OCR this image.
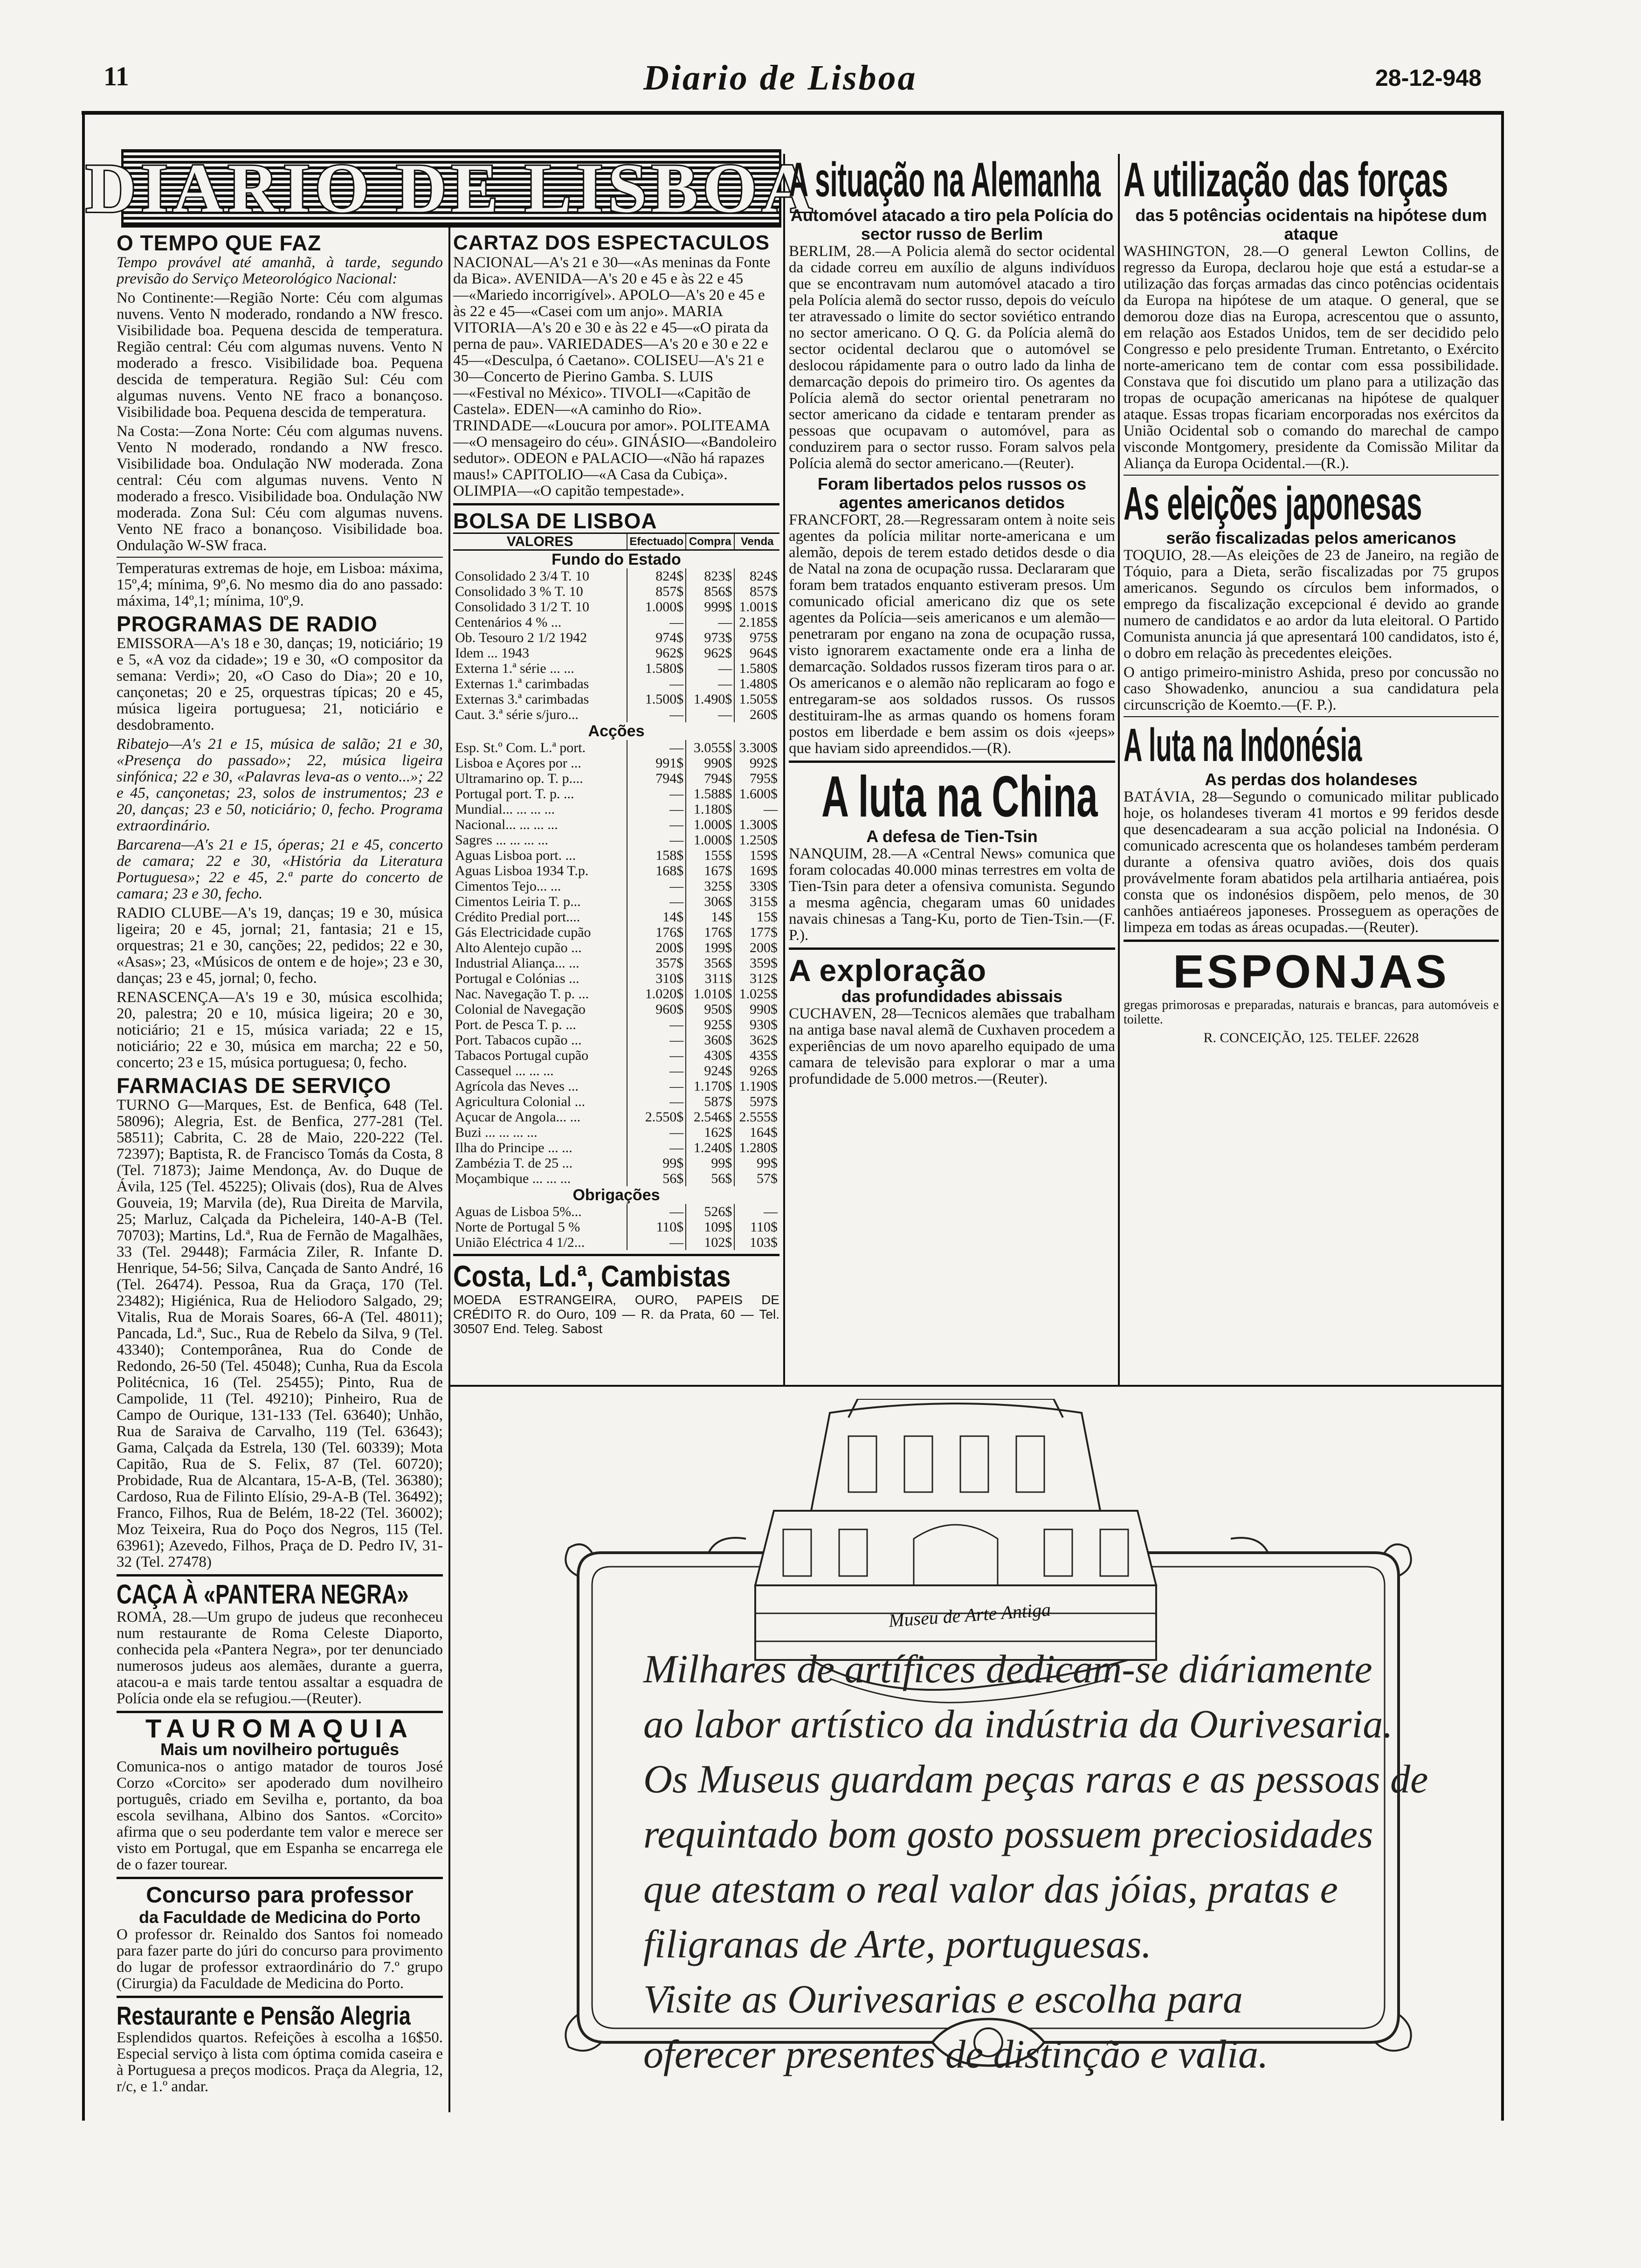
11	Diario de Lisboa	28-12-948
DIARIO DE LISBOA
O TEMPO QUE FAZ
Tempo provável até amanhã, à tarde, segundo previsão do Serviço Meteorológico Nacional:
No Continente:—Região Norte: Céu com algumas nuvens. Vento N moderado, rondando a NW fresco. Visibilidade boa. Pequena descida de temperatura. Região central: Céu com algumas nuvens. Vento N moderado a fresco. Visibilidade boa. Pequena descida de temperatura. Região Sul: Céu com algumas nuvens. Vento NE fraco a bonançoso. Visibilidade boa. Pequena descida de temperatura.
Na Costa:—Zona Norte: Céu com algumas nuvens. Vento N moderado, rondando a NW fresco. Visibilidade boa. Ondulação NW moderada. Zona central: Céu com algumas nuvens. Vento N moderado a fresco. Visibilidade boa. Ondulação NW moderada. Zona Sul: Céu com algumas nuvens. Vento NE fraco a bonançoso. Visibilidade boa. Ondulação W-SW fraca.
Temperaturas extremas de hoje, em Lisboa: máxima, 15º,4; mínima, 9º,6. No mesmo dia do ano passado: máxima, 14º,1; mínima, 10º,9.
PROGRAMAS DE RADIO
EMISSORA—A's 18 e 30, danças; 19, noticiário; 19 e 5, «A voz da cidade»; 19 e 30, «O compositor da semana: Verdi»; 20, «O Caso do Dia»; 20 e 10, cançonetas; 20 e 25, orquestras típicas; 20 e 45, música ligeira portuguesa; 21, noticiário e desdobramento.
Ribatejo—A's 21 e 15, música de salão; 21 e 30, «Presença do passado»; 22, música ligeira sinfónica; 22 e 30, «Palavras leva-as o vento...»; 22 e 45, cançonetas; 23, solos de instrumentos; 23 e 20, danças; 23 e 50, noticiário; 0, fecho. Programa extraordinário.
Barcarena—A's 21 e 15, óperas; 21 e 45, concerto de camara; 22 e 30, «História da Literatura Portuguesa»; 22 e 45, 2.ª parte do concerto de camara; 23 e 30, fecho.
RADIO CLUBE—A's 19, danças; 19 e 30, música ligeira; 20 e 45, jornal; 21, fantasia; 21 e 15, orquestras; 21 e 30, canções; 22, pedidos; 22 e 30, «Asas»; 23, «Músicos de ontem e de hoje»; 23 e 30, danças; 23 e 45, jornal; 0, fecho.
RENASCENÇA—A's 19 e 30, música escolhida; 20, palestra; 20 e 10, música ligeira; 20 e 30, noticiário; 21 e 15, música variada; 22 e 15, noticiário; 22 e 30, música em marcha; 22 e 50, concerto; 23 e 15, música portuguesa; 0, fecho.
FARMACIAS DE SERVIÇO
TURNO G—Marques, Est. de Benfica, 648 (Tel. 58096); Alegria, Est. de Benfica, 277-281 (Tel. 58511); Cabrita, C. 28 de Maio, 220-222 (Tel. 72397); Baptista, R. de Francisco Tomás da Costa, 8 (Tel. 71873); Jaime Mendonça, Av. do Duque de Ávila, 125 (Tel. 45225); Olivais (dos), Rua de Alves Gouveia, 19; Marvila (de), Rua Direita de Marvila, 25; Marluz, Calçada da Picheleira, 140-A-B (Tel. 70703); Martins, Ld.ª, Rua de Fernão de Magalhães, 33 (Tel. 29448); Farmácia Ziler, R. Infante D. Henrique, 54-56; Silva, Cançada de Santo André, 16 (Tel. 26474). Pessoa, Rua da Graça, 170 (Tel. 23482); Higiénica, Rua de Heliodoro Salgado, 29; Vitalis, Rua de Morais Soares, 66-A (Tel. 48011); Pancada, Ld.ª, Suc., Rua de Rebelo da Silva, 9 (Tel. 43340); Contemporânea, Rua do Conde de Redondo, 26-50 (Tel. 45048); Cunha, Rua da Escola Politécnica, 16 (Tel. 25455); Pinto, Rua de Campolide, 11 (Tel. 49210); Pinheiro, Rua de Campo de Ourique, 131-133 (Tel. 63640); Unhão, Rua de Saraiva de Carvalho, 119 (Tel. 63643); Gama, Calçada da Estrela, 130 (Tel. 60339); Mota Capitão, Rua de S. Felix, 87 (Tel. 60720); Probidade, Rua de Alcantara, 15-A-B, (Tel. 36380); Cardoso, Rua de Filinto Elísio, 29-A-B (Tel. 36492); Franco, Filhos, Rua de Belém, 18-22 (Tel. 36002); Moz Teixeira, Rua do Poço dos Negros, 115 (Tel. 63961); Azevedo, Filhos, Praça de D. Pedro IV, 31-32 (Tel. 27478)
CAÇA À «PANTERA NEGRA»
ROMA, 28.—Um grupo de judeus que reconheceu num restaurante de Roma Celeste Diaporto, conhecida pela «Pantera Negra», por ter denunciado numerosos judeus aos alemães, durante a guerra, atacou-a e mais tarde tentou assaltar a esquadra de Polícia onde ela se refugiou.—(Reuter).
TAUROMAQUIA
Mais um novilheiro português
Comunica-nos o antigo matador de touros José Corzo «Corcito» ser apoderado dum novilheiro português, criado em Sevilha e, portanto, da boa escola sevilhana, Albino dos Santos. «Corcito» afirma que o seu poderdante tem valor e merece ser visto em Portugal, que em Espanha se encarrega ele de o fazer tourear.
Concurso para professor
da Faculdade de Medicina do Porto
O professor dr. Reinaldo dos Santos foi nomeado para fazer parte do júri do concurso para provimento do lugar de professor extraordinário do 7.º grupo (Cirurgia) da Faculdade de Medicina do Porto.
Restaurante e Pensão Alegria
Esplendidos quartos. Refeições à escolha a 16$50. Especial serviço à lista com óptima comida caseira e à Portuguesa a preços modicos. Praça da Alegria, 12, r/c, e 1.º andar.
CARTAZ DOS ESPECTACULOS
NACIONAL—A's 21 e 30—«As meninas da Fonte da Bica». AVENIDA—A's 20 e 45 e às 22 e 45—«Mariedo incorrigível». APOLO—A's 20 e 45 e às 22 e 45—«Casei com um anjo». MARIA VITORIA—A's 20 e 30 e às 22 e 45—«O pirata da perna de pau». VARIEDADES—A's 20 e 30 e 22 e 45—«Desculpa, ó Caetano». COLISEU—A's 21 e 30—Concerto de Pierino Gamba. S. LUIS—«Festival no México». TIVOLI—«Capitão de Castela». EDEN—«A caminho do Rio». TRINDADE—«Loucura por amor». POLITEAMA—«O mensageiro do céu». GINÁSIO—«Bandoleiro sedutor». ODEON e PALACIO—«Não há rapazes maus!» CAPITOLIO—«A Casa da Cubiça». OLIMPIA—«O capitão tempestade».
BOLSA DE LISBOA
VALORES	Efectuado	Compra	Venda
Fundo do Estado			
Consolidado 2 3/4 T. 10	824$	823$	824$
Consolidado 3 % T. 10	857$	856$	857$
Consolidado 3 1/2 T. 10	1.000$	999$	1.001$
Centenários 4 % ...	—	—	2.185$
Ob. Tesouro 2 1/2 1942	974$	973$	975$
Idem ... 1943	962$	962$	964$
Externa 1.ª série ... ...	1.580$	—	1.580$
Externas 1.ª carimbadas	—	—	1.480$
Externas 3.ª carimbadas	1.500$	1.490$	1.505$
Caut. 3.ª série s/juro...	—	—	260$
Acções			
Esp. St.º Com. L.ª port.	—	3.055$	3.300$
Lisboa e Açores por ...	991$	990$	992$
Ultramarino op. T. p....	794$	794$	795$
Portugal port. T. p. ...	—	1.588$	1.600$
Mundial... ... ... ...	—	1.180$	—
Nacional... ... ... ...	—	1.000$	1.300$
Sagres ... ... ... ...	—	1.000$	1.250$
Aguas Lisboa port. ...	158$	155$	159$
Aguas Lisboa 1934 T.p.	168$	167$	169$
Cimentos Tejo... ...	—	325$	330$
Cimentos Leiria T. p...	—	306$	315$
Crédito Predial port....	14$	14$	15$
Gás Electricidade cupão	176$	176$	177$
Alto Alentejo cupão ...	200$	199$	200$
Industrial Aliança... ...	357$	356$	359$
Portugal e Colónias ...	310$	311$	312$
Nac. Navegação T. p. ...	1.020$	1.010$	1.025$
Colonial de Navegação	960$	950$	990$
Port. de Pesca T. p. ...	—	925$	930$
Port. Tabacos cupão ...	—	360$	362$
Tabacos Portugal cupão	—	430$	435$
Cassequel ... ... ...	—	924$	926$
Agrícola das Neves ...	—	1.170$	1.190$
Agricultura Colonial ...	—	587$	597$
Açucar de Angola... ...	2.550$	2.546$	2.555$
Buzi ... ... ... ...	—	162$	164$
Ilha do Principe ... ...	—	1.240$	1.280$
Zambézia T. de 25 ...	99$	99$	99$
Moçambique ... ... ...	56$	56$	57$
Obrigações			
Aguas de Lisboa 5%...	—	526$	—
Norte de Portugal 5 %	110$	109$	110$
União Eléctrica 4 1/2...	—	102$	103$
Costa, Ld.ª, Cambistas
MOEDA ESTRANGEIRA, OURO, PAPEIS DE CRÉDITO R. do Ouro, 109 — R. da Prata, 60 — Tel. 30507 End. Teleg. Sabost
A situação na Alemanha
Automóvel atacado a tiro pela Polícia do sector russo de Berlim
BERLIM, 28.—A Policia alemã do sector ocidental da cidade correu em auxílio de alguns indivíduos que se encontravam num automóvel atacado a tiro pela Polícia alemã do sector russo, depois do veículo ter atravessado o limite do sector soviético entrando no sector americano. O Q. G. da Polícia alemã do sector ocidental declarou que o automóvel se deslocou rápidamente para o outro lado da linha de demarcação depois do primeiro tiro. Os agentes da Polícia alemã do sector oriental penetraram no sector americano da cidade e tentaram prender as pessoas que ocupavam o automóvel, para as conduzirem para o sector russo. Foram salvos pela Polícia alemã do sector americano.—(Reuter).
Foram libertados pelos russos os agentes americanos detidos
FRANCFORT, 28.—Regressaram ontem à noite seis agentes da polícia militar norte-americana e um alemão, depois de terem estado detidos desde o dia de Natal na zona de ocupação russa. Declararam que foram bem tratados enquanto estiveram presos. Um comunicado oficial americano diz que os sete agentes da Polícia—seis americanos e um alemão—penetraram por engano na zona de ocupação russa, visto ignorarem exactamente onde era a linha de demarcação. Soldados russos fizeram tiros para o ar. Os americanos e o alemão não replicaram ao fogo e entregaram-se aos soldados russos. Os russos destituiram-lhe as armas quando os homens foram postos em liberdade e bem assim os dois «jeeps» que haviam sido apreendidos.—(R).
A luta na China
A defesa de Tien-Tsin
NANQUIM, 28.—A «Central News» comunica que foram colocadas 40.000 minas terrestres em volta de Tien-Tsin para deter a ofensiva comunista. Segundo a mesma agência, chegaram umas 60 unidades navais chinesas a Tang-Ku, porto de Tien-Tsin.—(F. P.).
A exploração
das profundidades abissais
CUCHAVEN, 28—Tecnicos alemães que trabalham na antiga base naval alemã de Cuxhaven procedem a experiências de um novo aparelho equipado de uma camara de televisão para explorar o mar a uma profundidade de 5.000 metros.—(Reuter).
A utilização das forças
das 5 potências ocidentais na hipótese dum ataque
WASHINGTON, 28.—O general Lewton Collins, de regresso da Europa, declarou hoje que está a estudar-se a utilização das forças armadas das cinco potências ocidentais da Europa na hipótese de um ataque. O general, que se demorou doze dias na Europa, acrescentou que o assunto, em relação aos Estados Unidos, tem de ser decidido pelo Congresso e pelo presidente Truman. Entretanto, o Exército norte-americano tem de contar com essa possibilidade. Constava que foi discutido um plano para a utilização das tropas de ocupação americanas na hipótese de qualquer ataque. Essas tropas ficariam encorporadas nos exércitos da União Ocidental sob o comando do marechal de campo visconde Montgomery, presidente da Comissão Militar da Aliança da Europa Ocidental.—(R.).
As eleições japonesas
serão fiscalizadas pelos americanos
TOQUIO, 28.—As eleições de 23 de Janeiro, na região de Tóquio, para a Dieta, serão fiscalizadas por 75 grupos americanos. Segundo os círculos bem informados, o emprego da fiscalização excepcional é devido ao grande numero de candidatos e ao ardor da luta eleitoral. O Partido Comunista anuncia já que apresentará 100 candidatos, isto é, o dobro em relação às precedentes eleições.
O antigo primeiro-ministro Ashida, preso por concussão no caso Showadenko, anunciou a sua candidatura pela circunscrição de Koemto.—(F. P.).
A luta na Indonésia
As perdas dos holandeses
BATÁVIA, 28—Segundo o comunicado militar publicado hoje, os holandeses tiveram 41 mortos e 99 feridos desde que desencadearam a sua acção policial na Indonésia. O comunicado acrescenta que os holandeses também perderam durante a ofensiva quatro aviões, dois dos quais provávelmente foram abatidos pela artilharia antiaérea, pois consta que os indonésios dispõem, pelo menos, de 30 canhões antiaéreos japoneses. Prosseguem as operações de limpeza em todas as áreas ocupadas.—(Reuter).
ESPONJAS
gregas primorosas e preparadas, naturais e brancas, para automóveis e toilette.
R. CONCEIÇÃO, 125. TELEF. 22628
Museu de Arte Antiga
Milhares de artífices dedicam-se diáriamente
ao labor artístico da indústria da Ourivesaria.
Os Museus guardam peças raras e as pessoas de
requintado bom gosto possuem preciosidades
que atestam o real valor das jóias, pratas e
filigranas de Arte, portuguesas.
Visite as Ourivesarias e escolha para
oferecer presentes de distinção e valia.
